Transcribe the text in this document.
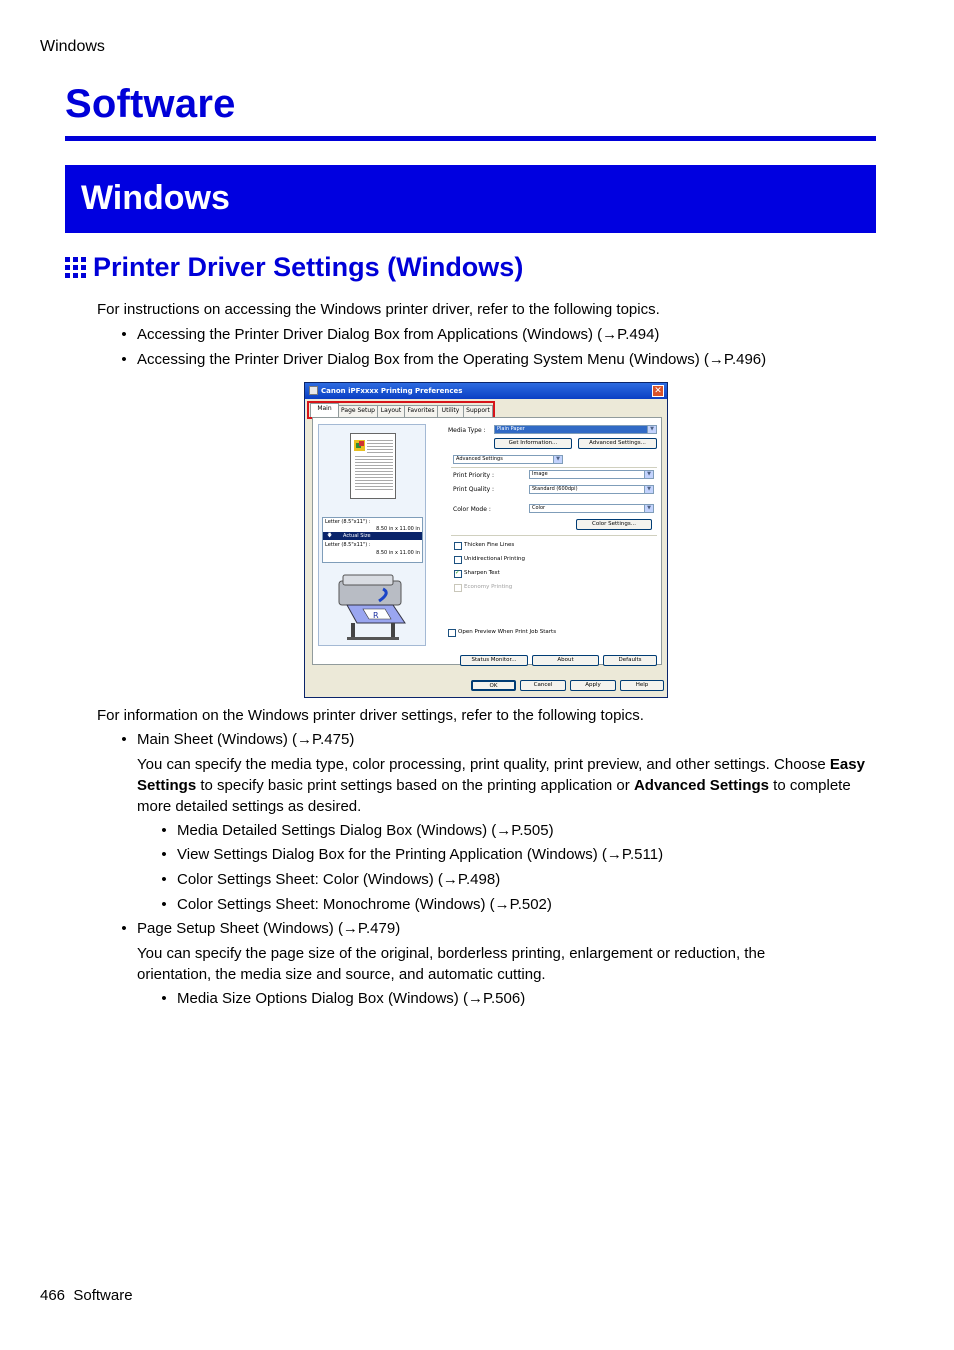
Windows
Software
Windows
Printer Driver Settings (Windows)
For instructions on accessing the Windows printer driver, refer to the following topics.
• Accessing the Printer Driver Dialog Box from Applications (Windows) (→P.494)
• Accessing the Printer Driver Dialog Box from the Operating System Menu (Windows) (→P.496)
Canon iPFxxxx Printing Preferences	✕
Main	Page Setup Layout	Favorites	Utility	Support
Letter (8.5"x11") :
8.50 in x 11.00 in
🡇 Actual Size
Letter (8.5"x11") :
8.50 in x 11.00 in
R
Media Type :	Plain Paper	▼
Get Information...	Advanced Settings...
Advanced Settings	▼
Print Priority :	Image	▼
Print Quality :	Standard (600dpi)	▼
Color Mode :	Color	▼
Color Settings...
Thicken Fine Lines
Unidirectional Printing
Sharpen Text ✓
Economy Printing
Open Preview When Print Job Starts
Status Monitor...	About	Defaults
OK	Cancel	Apply	Help
For information on the Windows printer driver settings, refer to the following topics.
• Main Sheet (Windows) (→P.475)
You can specify the media type, color processing, print quality, print preview, and other settings. Choose Easy Settings to specify basic print settings based on the printing application or Advanced Settings to complete more detailed settings as desired.
• Media Detailed Settings Dialog Box (Windows) (→P.505)
• View Settings Dialog Box for the Printing Application (Windows) (→P.511)
• Color Settings Sheet: Color (Windows) (→P.498)
• Color Settings Sheet: Monochrome (Windows) (→P.502)
• Page Setup Sheet (Windows) (→P.479)
You can specify the page size of the original, borderless printing, enlargement or reduction, the orientation, the media size and source, and automatic cutting.
• Media Size Options Dialog Box (Windows) (→P.506)
466 Software
